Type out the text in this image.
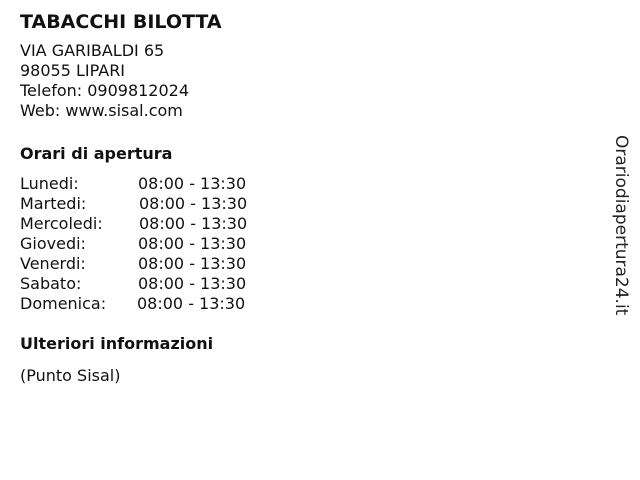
TABACCHI BILOTTA
VIA GARIBALDI 65
98055 LIPARI
Telefon: 0909812024
Web: www.sisal.com
Orari di apertura
Lunedi:	08:00 - 13:30
Martedi:	08:00 - 13:30
Mercoledi: 08:00 - 13:30
Giovedi:	08:00 - 13:30
Venerdi:	08:00 - 13:30
Sabato:	08:00 - 13:30
Domenica: 08:00 - 13:30
Ulteriori informazioni
(Punto Sisal)
Orariodiapertura24.it
